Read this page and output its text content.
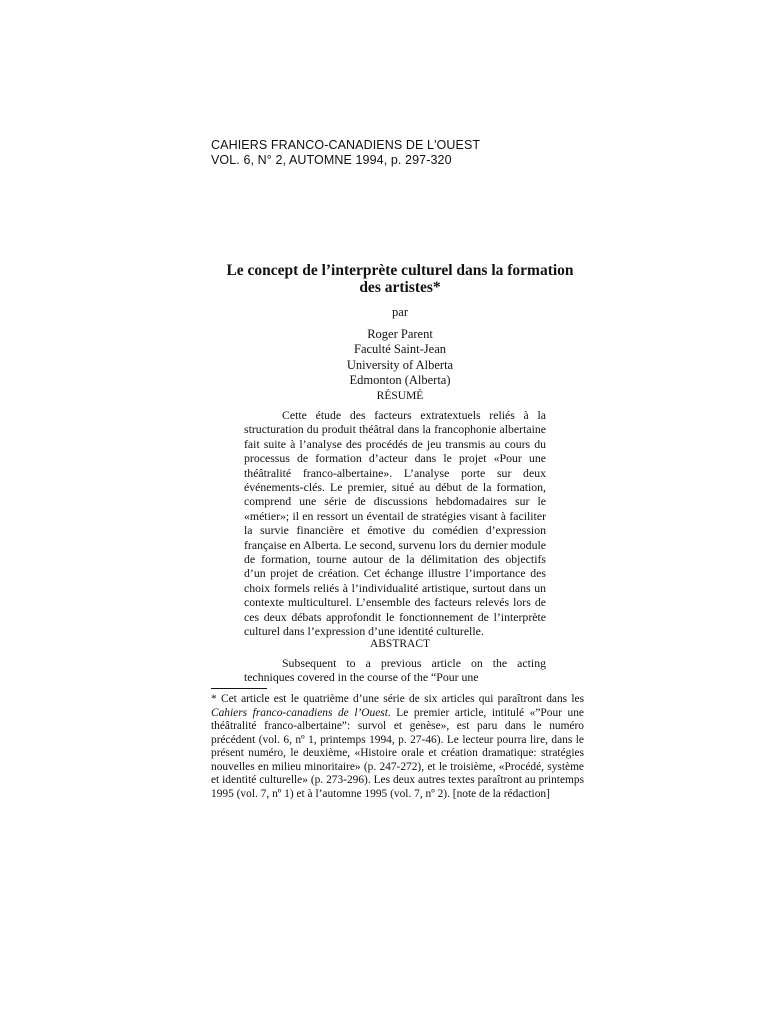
CAHIERS FRANCO-CANADIENS DE L'OUEST
VOL. 6, N° 2, AUTOMNE 1994, p. 297-320
Le concept de l’interprète culturel dans la formation
des artistes*
par
Roger Parent
Faculté Saint-Jean
University of Alberta
Edmonton (Alberta)
RÉSUMÉ

Cette étude des facteurs extratextuels reliés à la structuration du produit théâtral dans la francophonie albertaine fait suite à l’analyse des procédés de jeu transmis au cours du processus de formation d’acteur dans le projet «Pour une théâtralité franco-albertaine». L’analyse porte sur deux événements-clés. Le premier, situé au début de la formation, comprend une série de discussions hebdomadaires sur le «métier»; il en ressort un éventail de stratégies visant à faciliter la survie financière et émotive du comédien d’expression française en Alberta. Le second, survenu lors du dernier module de formation, tourne autour de la délimitation des objectifs d’un projet de création. Cet échange illustre l’importance des choix formels reliés à l’individualité artistique, surtout dans un contexte multiculturel. L’ensemble des facteurs relevés lors de ces deux débats approfondit le fonctionnement de l’interprète culturel dans l’expression d’une identité culturelle.

ABSTRACT

Subsequent to a previous article on the acting techniques covered in the course of the “Pour une

* Cet article est le quatrième d’une série de six articles qui paraîtront dans les Cahiers franco-canadiens de l’Ouest. Le premier article, intitulé «”Pour une théâtralité franco-albertaine”: survol et genèse», est paru dans le numéro précédent (vol. 6, nº 1, printemps 1994, p. 27-46). Le lecteur pourra lire, dans le présent numéro, le deuxième, «Histoire orale et création dramatique: stratégies nouvelles en milieu minoritaire» (p. 247-272), et le troisième, «Procédé, système et identité culturelle» (p. 273-296). Les deux autres textes paraîtront au printemps 1995 (vol. 7, nº 1) et à l’automne 1995 (vol. 7, nº 2). [note de la rédaction]
